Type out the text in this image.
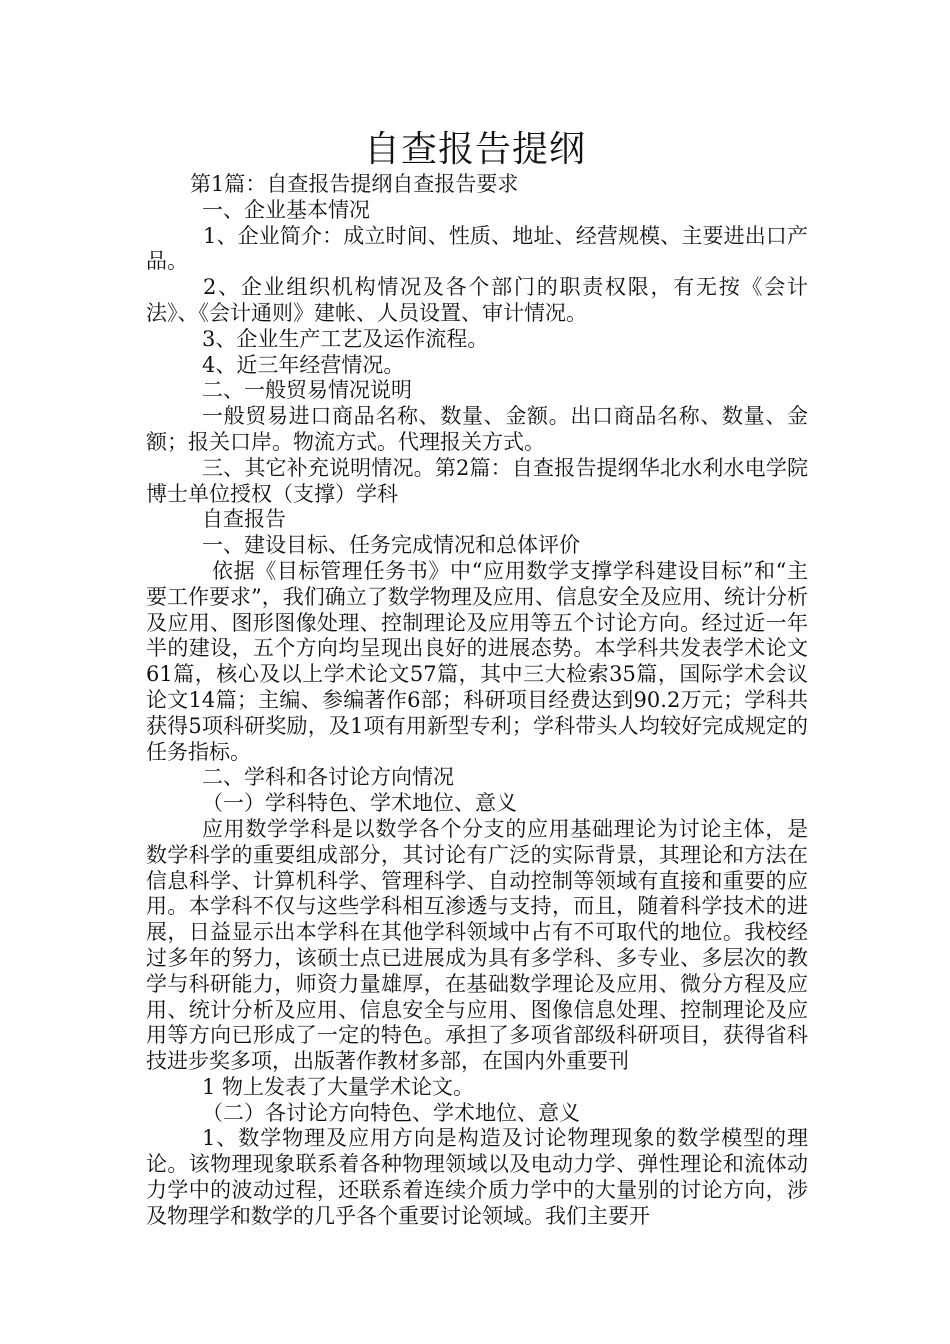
自查报告提纲

第1篇：自查报告提纲自查报告要求

一、企业基本情况

1、企业简介：成立时间、性质、地址、经营规模、主要进出口产品。

2、企业组织机构情况及各个部门的职责权限，有无按《会计法》、《会计通则》建帐、人员设置、审计情况。

3、企业生产工艺及运作流程。

4、近三年经营情况。

二、一般贸易情况说明

一般贸易进口商品名称、数量、金额。出口商品名称、数量、金额；报关口岸。物流方式。代理报关方式。

三、其它补充说明情况。第2篇：自查报告提纲华北水利水电学院博士单位授权（支撑）学科

自查报告

一、建设目标、任务完成情况和总体评价

依据《目标管理任务书》中“应用数学支撑学科建设目标”和“主要工作要求”，我们确立了数学物理及应用、信息安全及应用、统计分析及应用、图形图像处理、控制理论及应用等五个讨论方向。经过近一年半的建设，五个方向均呈现出良好的进展态势。本学科共发表学术论文61篇，核心及以上学术论文57篇，其中三大检索35篇，国际学术会议论文14篇；主编、参编著作6部；科研项目经费达到90.2万元；学科共获得5项科研奖励，及1项有用新型专利；学科带头人均较好完成规定的任务指标。

二、学科和各讨论方向情况

（一）学科特色、学术地位、意义

应用数学学科是以数学各个分支的应用基础理论为讨论主体，是数学科学的重要组成部分，其讨论有广泛的实际背景，其理论和方法在信息科学、计算机科学、管理科学、自动控制等领域有直接和重要的应用。本学科不仅与这些学科相互渗透与支持，而且，随着科学技术的进展，日益显示出本学科在其他学科领域中占有不可取代的地位。我校经过多年的努力，该硕士点已进展成为具有多学科、多专业、多层次的教学与科研能力，师资力量雄厚，在基础数学理论及应用、微分方程及应用、统计分析及应用、信息安全与应用、图像信息处理、控制理论及应用等方向已形成了一定的特色。承担了多项省部级科研项目，获得省科技进步奖多项，出版著作教材多部，在国内外重要刊

1 物上发表了大量学术论文。

（二）各讨论方向特色、学术地位、意义

1、数学物理及应用方向是构造及讨论物理现象的数学模型的理论。该物理现象联系着各种物理领域以及电动力学、弹性理论和流体动力学中的波动过程，还联系着连续介质力学中的大量别的讨论方向，涉及物理学和数学的几乎各个重要讨论领域。我们主要开
